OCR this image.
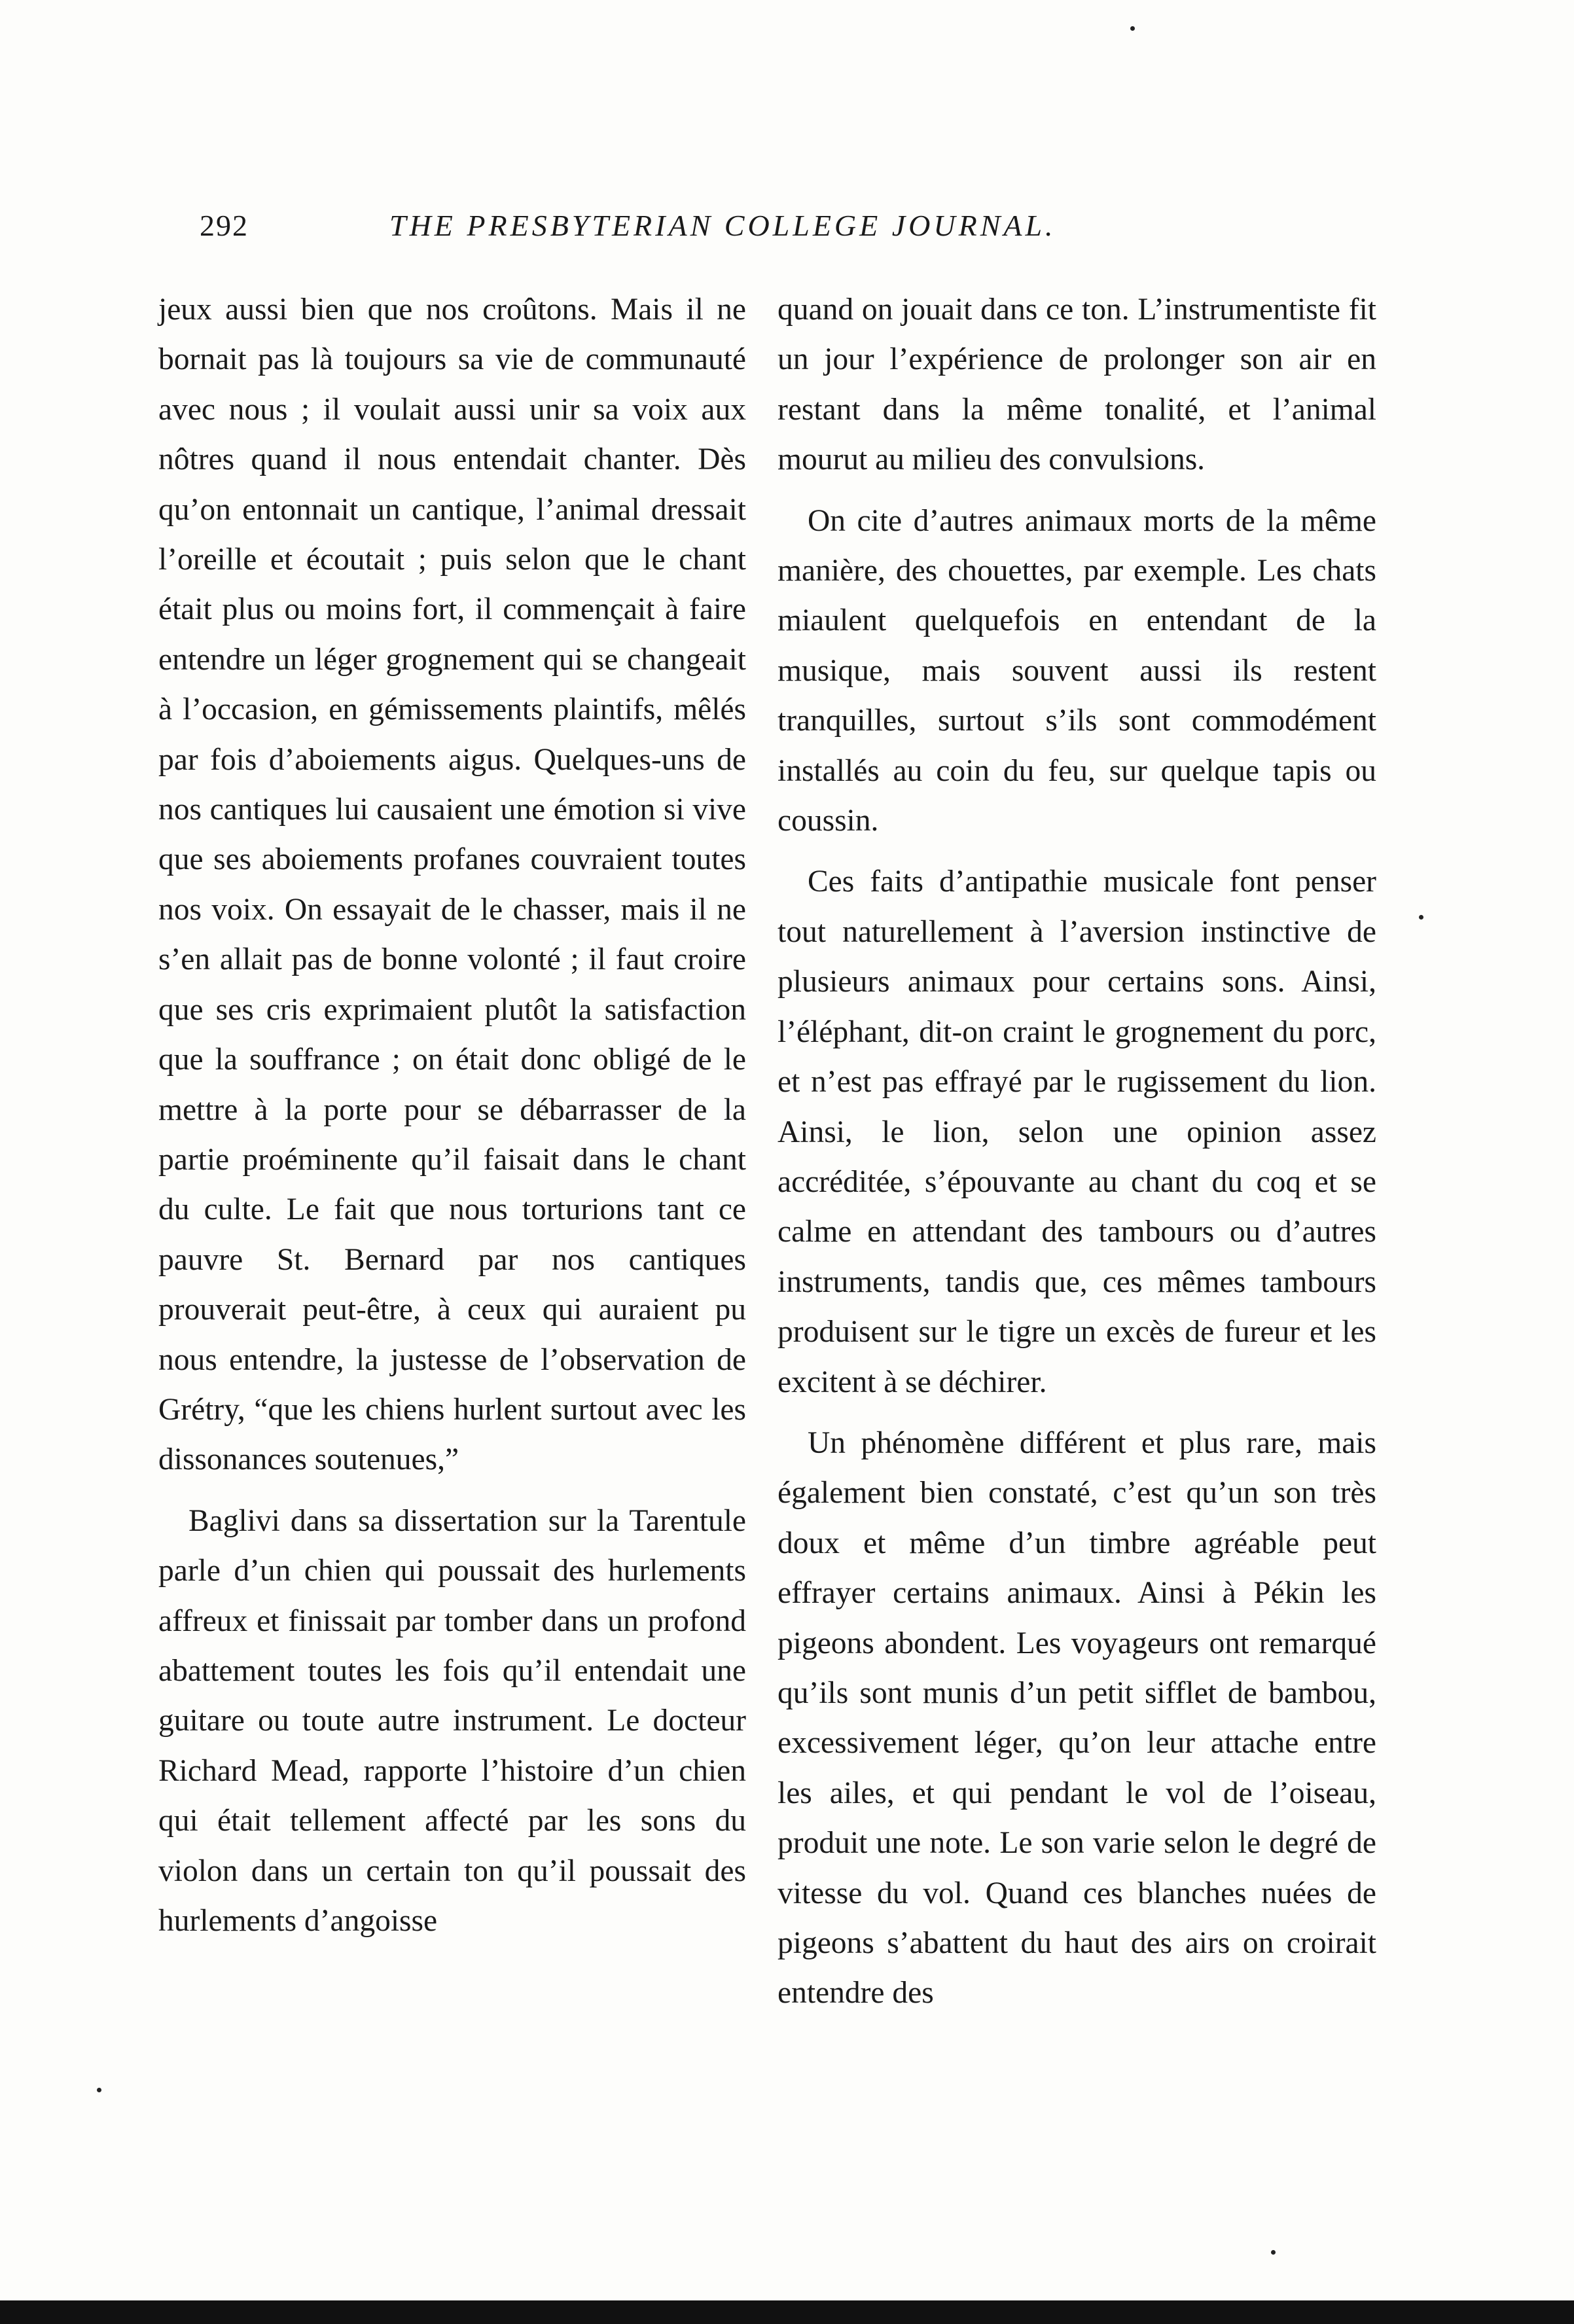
292	THE PRESBYTERIAN COLLEGE JOURNAL.

jeux aussi bien que nos croûtons. Mais il ne bornait pas là toujours sa vie de communauté avec nous ; il voulait aussi unir sa voix aux nôtres quand il nous entendait chanter. Dès qu’on entonnait un cantique, l’animal dressait l’oreille et écoutait ; puis selon que le chant était plus ou moins fort, il commençait à faire entendre un léger grognement qui se changeait à l’occasion, en gémissements plaintifs, mêlés par fois d’aboiements aigus. Quelques-uns de nos cantiques lui causaient une émotion si vive que ses aboiements profanes couvraient toutes nos voix. On essayait de le chasser, mais il ne s’en allait pas de bonne volonté ; il faut croire que ses cris exprimaient plutôt la satisfaction que la souffrance ; on était donc obligé de le mettre à la porte pour se débarrasser de la partie proéminente qu’il faisait dans le chant du culte. Le fait que nous torturions tant ce pauvre St. Bernard par nos cantiques prouverait peut-être, à ceux qui auraient pu nous entendre, la justesse de l’observation de Grétry, “que les chiens hurlent surtout avec les dissonances soutenues,”

Baglivi dans sa dissertation sur la Tarentule parle d’un chien qui poussait des hurlements affreux et finissait par tomber dans un profond abattement toutes les fois qu’il entendait une guitare ou toute autre instrument. Le docteur Richard Mead, rapporte l’histoire d’un chien qui était tellement affecté par les sons du violon dans un certain ton qu’il poussait des hurlements d’angoisse

quand on jouait dans ce ton. L’instrumentiste fit un jour l’expérience de prolonger son air en restant dans la même tonalité, et l’animal mourut au milieu des convulsions.

On cite d’autres animaux morts de la même manière, des chouettes, par exemple. Les chats miaulent quelquefois en entendant de la musique, mais souvent aussi ils restent tranquilles, surtout s’ils sont commodément installés au coin du feu, sur quelque tapis ou coussin.

Ces faits d’antipathie musicale font penser tout naturellement à l’aversion instinctive de plusieurs animaux pour certains sons. Ainsi, l’éléphant, dit-on craint le grognement du porc, et n’est pas effrayé par le rugissement du lion. Ainsi, le lion, selon une opinion assez accréditée, s’épouvante au chant du coq et se calme en attendant des tambours ou d’autres instruments, tandis que, ces mêmes tambours produisent sur le tigre un excès de fureur et les excitent à se déchirer.

Un phénomène différent et plus rare, mais également bien constaté, c’est qu’un son très doux et même d’un timbre agréable peut effrayer certains animaux. Ainsi à Pékin les pigeons abondent. Les voyageurs ont remarqué qu’ils sont munis d’un petit sifflet de bambou, excessivement léger, qu’on leur attache entre les ailes, et qui pendant le vol de l’oiseau, produit une note. Le son varie selon le degré de vitesse du vol. Quand ces blanches nuées de pigeons s’abattent du haut des airs on croirait entendre des
